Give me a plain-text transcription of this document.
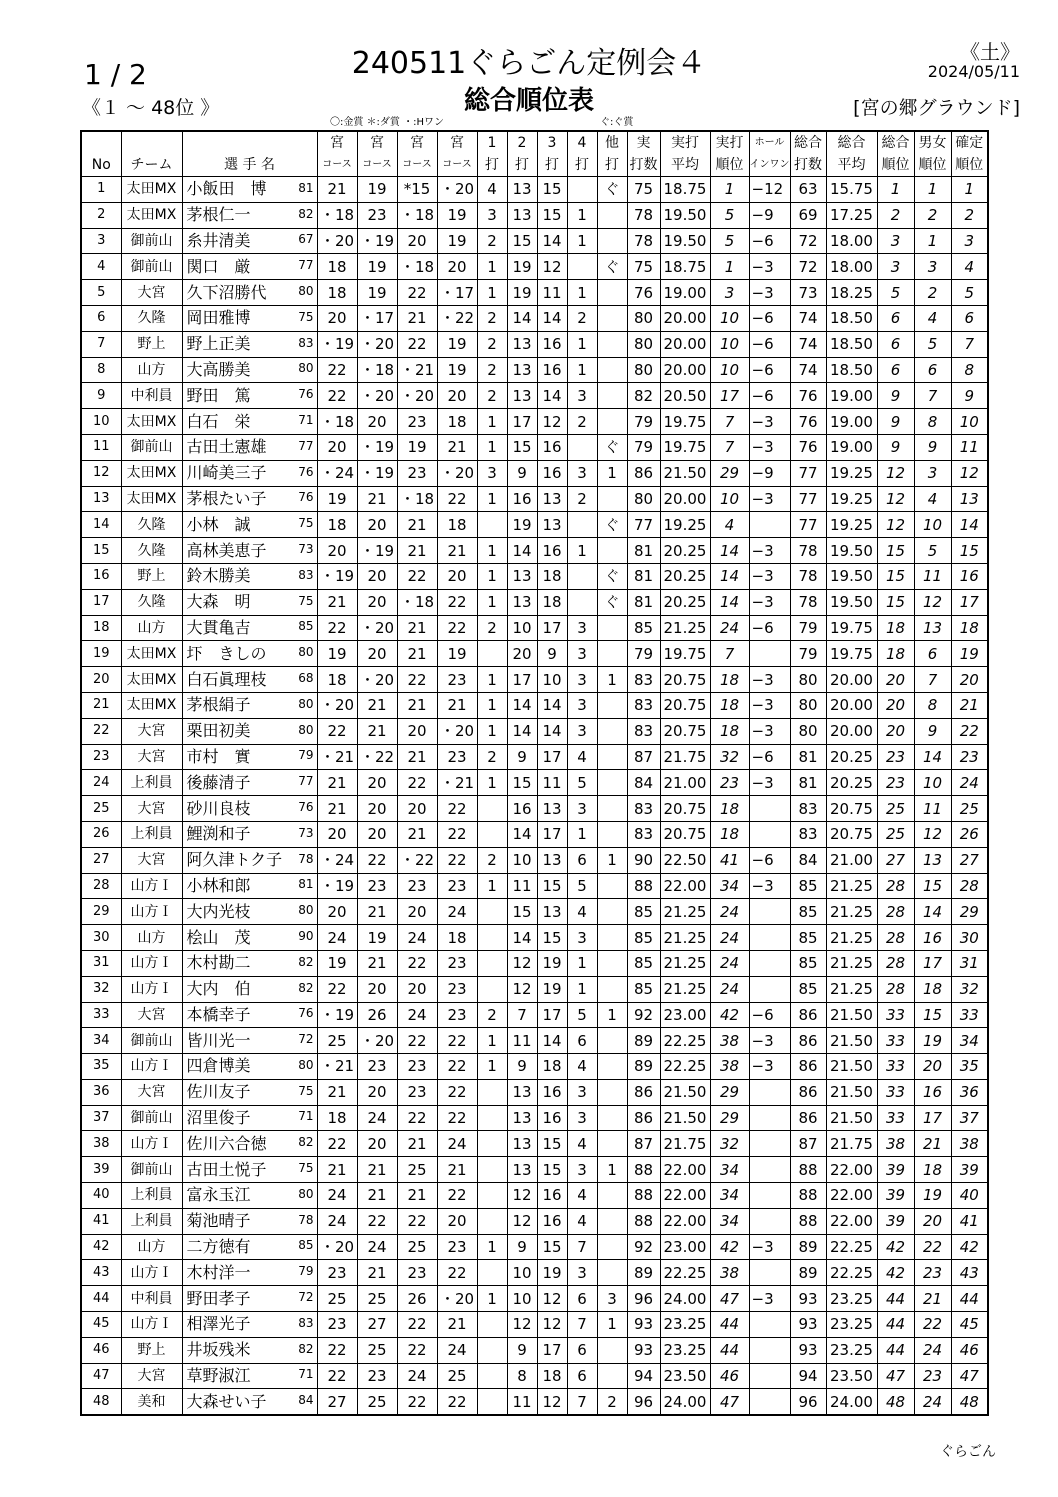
1 / 2
《１ ～ 48位 》
240511ぐらごん定例会４
総合順位表
《土》
2024/05/11
[宮の郷グラウンド]
〇:金賞 ＊:ダ賞 ・:Hワン	ぐ:ぐ賞
			宮	宮	宮	宮	1	2	3	4	他	実	実打	実打	ホール	総合	総合	総合	男女	確定
No	チーム	選 手 名	コース	コース	コース	コース	打	打	打	打	打	打数	平均	順位	インワン	打数	平均	順位	順位	順位
1	太田MX	小飯田　博 81	21	19	*15	・20	4	13	15		ぐ	75	18.75	1	−12	63	15.75	1	1	1
2	太田MX	茅根仁一 82	・18	23	・18	19	3	13	15	1		78	19.50	5	−9	69	17.25	2	2	2
3	御前山	糸井清美 67	・20	・19	20	19	2	15	14	1		78	19.50	5	−6	72	18.00	3	1	3
4	御前山	関口　厳 77	18	19	・18	20	1	19	12		ぐ	75	18.75	1	−3	72	18.00	3	3	4
5	大宮	久下沼勝代 80	18	19	22	・17	1	19	11	1		76	19.00	3	−3	73	18.25	5	2	5
6	久隆	岡田雅博 75	20	・17	21	・22	2	14	14	2		80	20.00	10	−6	74	18.50	6	4	6
7	野上	野上正美 83	・19	・20	22	19	2	13	16	1		80	20.00	10	−6	74	18.50	6	5	7
8	山方	大高勝美 80	22	・18	・21	19	2	13	16	1		80	20.00	10	−6	74	18.50	6	6	8
9	中利員	野田　篤 76	22	・20	・20	20	2	13	14	3		82	20.50	17	−6	76	19.00	9	7	9
10	太田MX	白石　栄 71	・18	20	23	18	1	17	12	2		79	19.75	7	−3	76	19.00	9	8	10
11	御前山	古田土憲雄 77	20	・19	19	21	1	15	16		ぐ	79	19.75	7	−3	76	19.00	9	9	11
12	太田MX	川崎美三子 76	・24	・19	23	・20	3	9	16	3	1	86	21.50	29	−9	77	19.25	12	3	12
13	太田MX	茅根たい子 76	19	21	・18	22	1	16	13	2		80	20.00	10	−3	77	19.25	12	4	13
14	久隆	小林　誠 75	18	20	21	18		19	13		ぐ	77	19.25	4		77	19.25	12	10	14
15	久隆	高林美恵子 73	20	・19	21	21	1	14	16	1		81	20.25	14	−3	78	19.50	15	5	15
16	野上	鈴木勝美 83	・19	20	22	20	1	13	18		ぐ	81	20.25	14	−3	78	19.50	15	11	16
17	久隆	大森　明 75	21	20	・18	22	1	13	18		ぐ	81	20.25	14	−3	78	19.50	15	12	17
18	山方	大貫亀吉 85	22	・20	21	22	2	10	17	3		85	21.25	24	−6	79	19.75	18	13	18
19	太田MX	圷　きしの 80	19	20	21	19		20	9	3		79	19.75	7		79	19.75	18	6	19
20	太田MX	白石眞理枝 68	18	・20	22	23	1	17	10	3	1	83	20.75	18	−3	80	20.00	20	7	20
21	太田MX	茅根絹子 80	・20	21	21	21	1	14	14	3		83	20.75	18	−3	80	20.00	20	8	21
22	大宮	栗田初美 80	22	21	20	・20	1	14	14	3		83	20.75	18	−3	80	20.00	20	9	22
23	大宮	市村　實 79	・21	・22	21	23	2	9	17	4		87	21.75	32	−6	81	20.25	23	14	23
24	上利員	後藤清子 77	21	20	22	・21	1	15	11	5		84	21.00	23	−3	81	20.25	23	10	24
25	大宮	砂川良枝 76	21	20	20	22		16	13	3		83	20.75	18		83	20.75	25	11	25
26	上利員	鯉渕和子 73	20	20	21	22		14	17	1		83	20.75	18		83	20.75	25	12	26
27	大宮	阿久津トク子 78	・24	22	・22	22	2	10	13	6	1	90	22.50	41	−6	84	21.00	27	13	27
28	山方Ｉ	小林和郎 81	・19	23	23	23	1	11	15	5		88	22.00	34	−3	85	21.25	28	15	28
29	山方Ｉ	大内光枝 80	20	21	20	24		15	13	4		85	21.25	24		85	21.25	28	14	29
30	山方	桧山　茂 90	24	19	24	18		14	15	3		85	21.25	24		85	21.25	28	16	30
31	山方Ｉ	木村勘二 82	19	21	22	23		12	19	1		85	21.25	24		85	21.25	28	17	31
32	山方Ｉ	大内　伯 82	22	20	20	23		12	19	1		85	21.25	24		85	21.25	28	18	32
33	大宮	本橋幸子 76	・19	26	24	23	2	7	17	5	1	92	23.00	42	−6	86	21.50	33	15	33
34	御前山	皆川光一 72	25	・20	22	22	1	11	14	6		89	22.25	38	−3	86	21.50	33	19	34
35	山方Ｉ	四倉博美 80	・21	23	23	22	1	9	18	4		89	22.25	38	−3	86	21.50	33	20	35
36	大宮	佐川友子 75	21	20	23	22		13	16	3		86	21.50	29		86	21.50	33	16	36
37	御前山	沼里俊子 71	18	24	22	22		13	16	3		86	21.50	29		86	21.50	33	17	37
38	山方Ｉ	佐川六合徳 82	22	20	21	24		13	15	4		87	21.75	32		87	21.75	38	21	38
39	御前山	古田土悦子 75	21	21	25	21		13	15	3	1	88	22.00	34		88	22.00	39	18	39
40	上利員	富永玉江 80	24	21	21	22		12	16	4		88	22.00	34		88	22.00	39	19	40
41	上利員	菊池晴子 78	24	22	22	20		12	16	4		88	22.00	34		88	22.00	39	20	41
42	山方	二方徳有 85	・20	24	25	23	1	9	15	7		92	23.00	42	−3	89	22.25	42	22	42
43	山方Ｉ	木村洋一 79	23	21	23	22		10	19	3		89	22.25	38		89	22.25	42	23	43
44	中利員	野田孝子 72	25	25	26	・20	1	10	12	6	3	96	24.00	47	−3	93	23.25	44	21	44
45	山方Ｉ	相澤光子 83	23	27	22	21		12	12	7	1	93	23.25	44		93	23.25	44	22	45
46	野上	井坂残米 82	22	25	22	24		9	17	6		93	23.25	44		93	23.25	44	24	46
47	大宮	草野淑江 71	22	23	24	25		8	18	6		94	23.50	46		94	23.50	47	23	47
48	美和	大森せい子 84	27	25	22	22		11	12	7	2	96	24.00	47		96	24.00	48	24	48
ぐらごん
